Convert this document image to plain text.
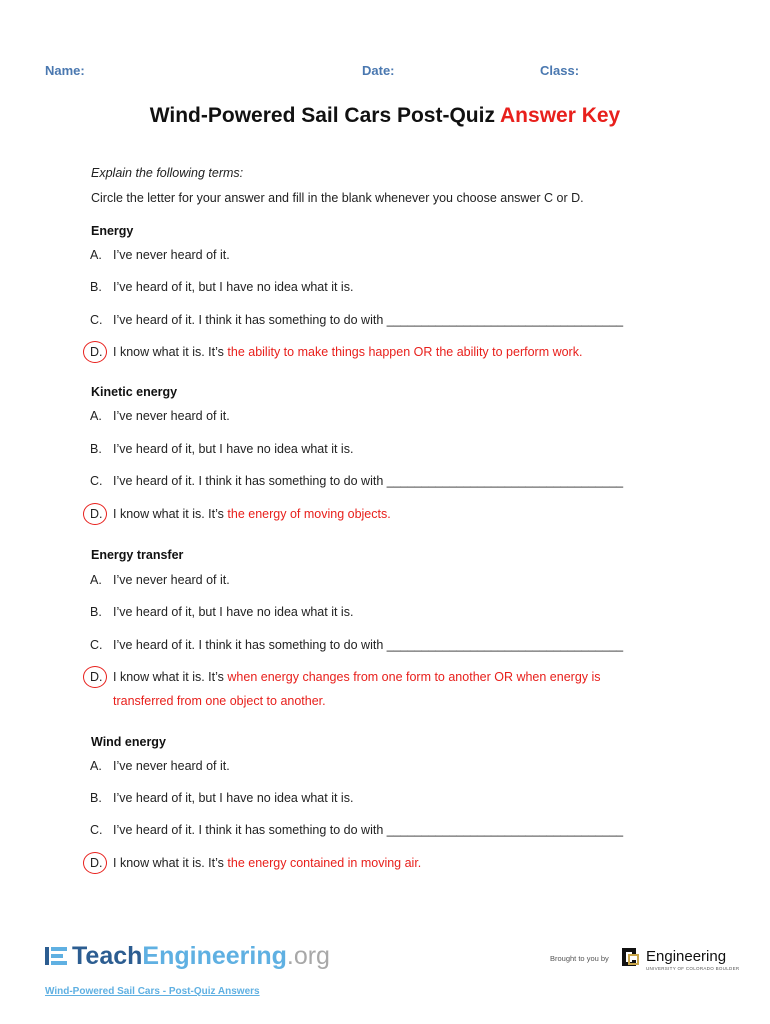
Name:	Date:	Class:
Wind-Powered Sail Cars Post-Quiz Answer Key
Explain the following terms:
Circle the letter for your answer and fill in the blank whenever you choose answer C or D.
Energy
A. I’ve never heard of it.
B. I’ve heard of it, but I have no idea what it is.
C. I’ve heard of it. I think it has something to do with __________________________________
D. I know what it is. It’s the ability to make things happen OR the ability to perform work.
Kinetic energy
A. I’ve never heard of it.
B. I’ve heard of it, but I have no idea what it is.
C. I’ve heard of it. I think it has something to do with __________________________________
D. I know what it is. It’s the energy of moving objects.
Energy transfer
A. I’ve never heard of it.
B. I’ve heard of it, but I have no idea what it is.
C. I’ve heard of it. I think it has something to do with __________________________________
D. I know what it is. It’s when energy changes from one form to another OR when energy is
transferred from one object to another.
Wind energy
A. I’ve never heard of it.
B. I’ve heard of it, but I have no idea what it is.
C. I’ve heard of it. I think it has something to do with __________________________________
D. I know what it is. It’s the energy contained in moving air.
TeachEngineering.org	Brought to you by Engineering
UNIVERSITY OF COLORADO BOULDER
Wind-Powered Sail Cars - Post-Quiz Answers
